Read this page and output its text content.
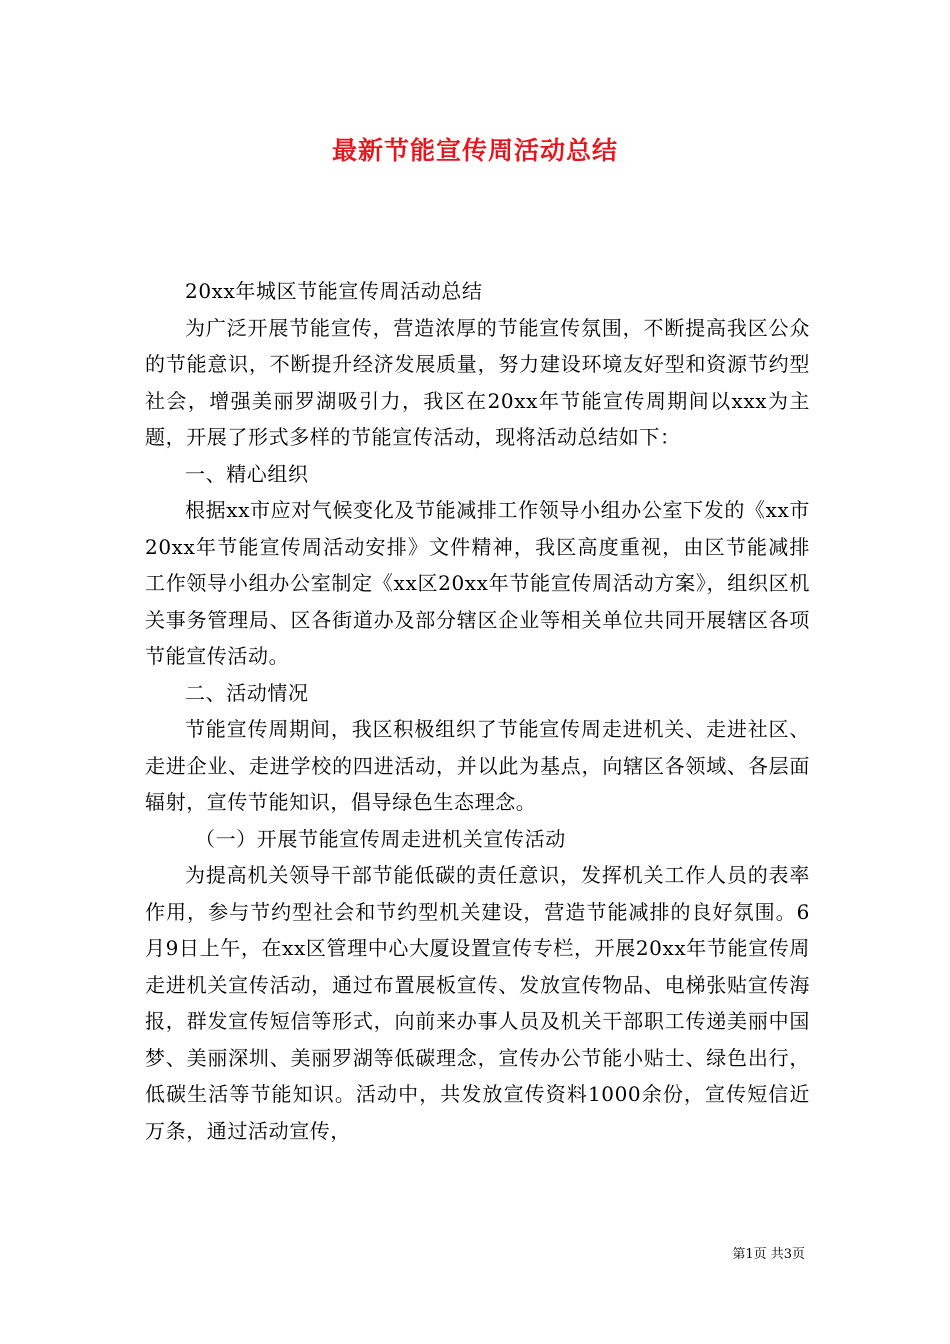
最新节能宣传周活动总结

20xx年城区节能宣传周活动总结

为广泛开展节能宣传，营造浓厚的节能宣传氛围，不断提高我区公众的节能意识，不断提升经济发展质量，努力建设环境友好型和资源节约型社会，增强美丽罗湖吸引力，我区在20xx年节能宣传周期间以xxx为主题，开展了形式多样的节能宣传活动，现将活动总结如下：

一、精心组织

根据xx市应对气候变化及节能减排工作领导小组办公室下发的《xx市20xx年节能宣传周活动安排》文件精神，我区高度重视，由区节能减排工作领导小组办公室制定《xx区20xx年节能宣传周活动方案》，组织区机关事务管理局、区各街道办及部分辖区企业等相关单位共同开展辖区各项节能宣传活动。

二、活动情况

节能宣传周期间，我区积极组织了节能宣传周走进机关、走进社区、走进企业、走进学校的四进活动，并以此为基点，向辖区各领域、各层面辐射，宣传节能知识，倡导绿色生态理念。

（一）开展节能宣传周走进机关宣传活动

为提高机关领导干部节能低碳的责任意识，发挥机关工作人员的表率作用，参与节约型社会和节约型机关建设，营造节能减排的良好氛围。6月9日上午，在xx区管理中心大厦设置宣传专栏，开展20xx年节能宣传周走进机关宣传活动，通过布置展板宣传、发放宣传物品、电梯张贴宣传海报，群发宣传短信等形式，向前来办事人员及机关干部职工传递美丽中国梦、美丽深圳、美丽罗湖等低碳理念，宣传办公节能小贴士、绿色出行，低碳生活等节能知识。活动中，共发放宣传资料1000余份，宣传短信近万条，通过活动宣传，

第1页 共3页
